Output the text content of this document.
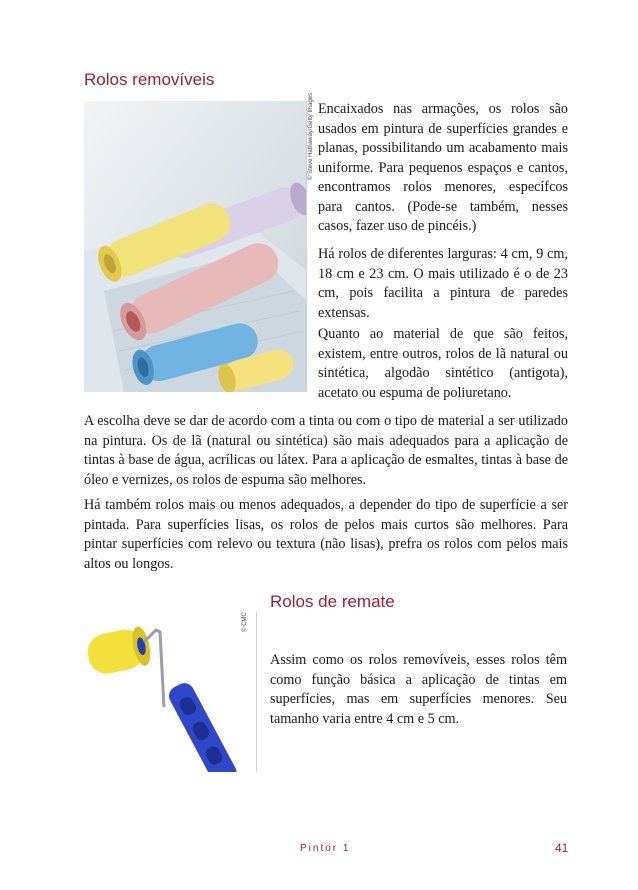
Rolos removíveis
© Steve Hathaway/Getty Images Encaixados nas armações, os rolos são usados em pintura de superfícies grandes e planas, possibilitando um acabamento mais uniforme. Para pequenos espaços e cantos, encontramos rolos menores, específcos para cantos. (Pode-se também, nesses casos, fazer uso de pincéis.)

Há rolos de diferentes larguras: 4 cm, 9 cm, 18 cm e 23 cm. O mais utilizado é o de 23 cm, pois facilita a pintura de paredes extensas.

Quanto ao material de que são feitos, existem, entre outros, rolos de lã natural ou sintética, algodão sintético (antigota), acetato ou espuma de poliuretano.

A escolha deve se dar de acordo com a tinta ou com o tipo de material a ser utilizado na pintura. Os de lã (natural ou sintética) são mais adequados para a aplicação de tintas à base de água, acrílicas ou látex. Para a aplicação de esmaltes, tintas à base de óleo e vernizes, os rolos de espuma são melhores.

Há também rolos mais ou menos adequados, a depender do tipo de superfície a ser pintada. Para superfícies lisas, os rolos de pelos mais curtos são melhores. Para pintar superfícies com relevo ou textura (não lisas), prefra os rolos com pelos mais altos ou longos.

Rolos de remate
© CMC

Assim como os rolos removíveis, esses rolos têm como função básica a aplicação de tintas em superfícies, mas em superfícies menores. Seu tamanho varia entre 4 cm e 5 cm.

Pintor 1	41
